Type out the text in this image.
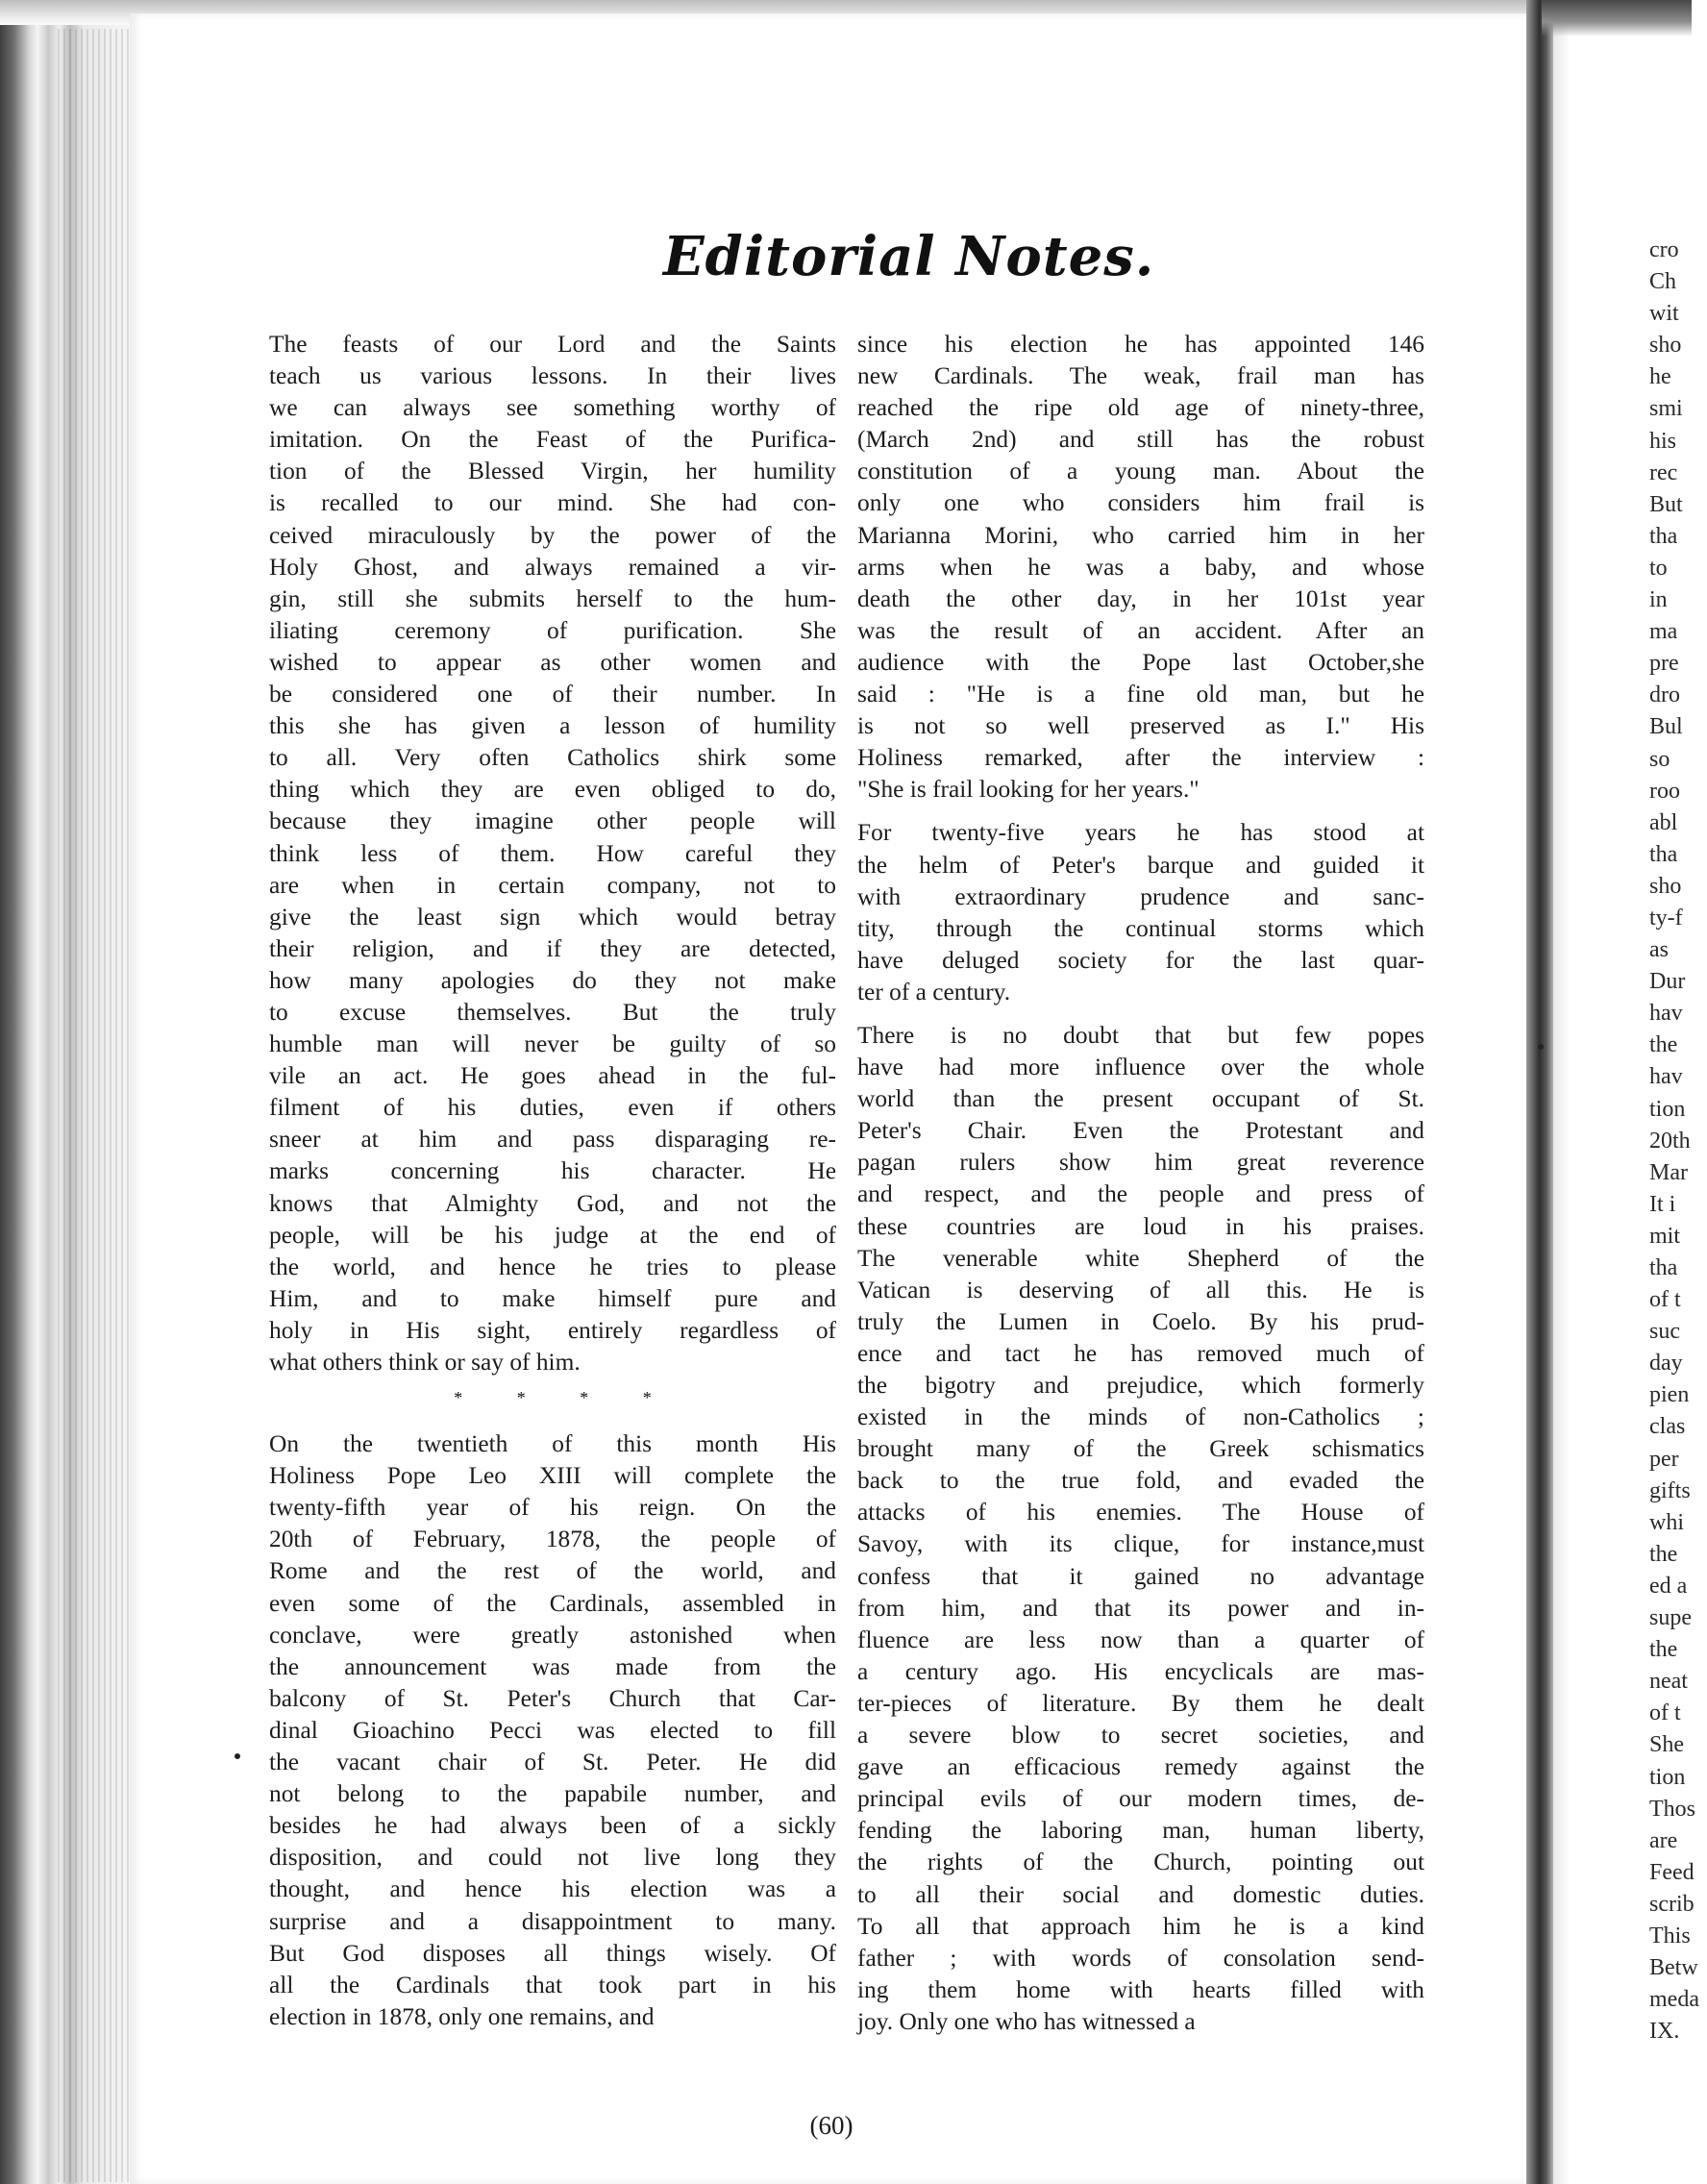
Editorial Notes.
The feasts of our Lord and the Saints
teach us various lessons. In their lives
we can always see something worthy of
imitation. On the Feast of the Purifica-
tion of the Blessed Virgin, her humility
is recalled to our mind. She had con-
ceived miraculously by the power of the
Holy Ghost, and always remained a vir-
gin, still she submits herself to the hum-
iliating ceremony of purification. She
wished to appear as other women and
be considered one of their number. In
this she has given a lesson of humility
to all. Very often Catholics shirk some
thing which they are even obliged to do,
because they imagine other people will
think less of them. How careful they
are when in certain company, not to
give the least sign which would betray
their religion, and if they are detected,
how many apologies do they not make
to excuse themselves. But the truly
humble man will never be guilty of so
vile an act. He goes ahead in the ful-
filment of his duties, even if others
sneer at him and pass disparaging re-
marks concerning his character. He
knows that Almighty God, and not the
people, will be his judge at the end of
the world, and hence he tries to please
Him, and to make himself pure and
holy in His sight, entirely regardless of
what others think or say of him.
* * * *
On the twentieth of this month His
Holiness Pope Leo XIII will complete the
twenty-fifth year of his reign. On the
20th of February, 1878, the people of
Rome and the rest of the world, and
even some of the Cardinals, assembled in
conclave, were greatly astonished when
the announcement was made from the
balcony of St. Peter's Church that Car-
dinal Gioachino Pecci was elected to fill
the vacant chair of St. Peter. He did
not belong to the papabile number, and
besides he had always been of a sickly
disposition, and could not live long they
thought, and hence his election was a
surprise and a disappointment to many.
But God disposes all things wisely. Of
all the Cardinals that took part in his
election in 1878, only one remains, and
since his election he has appointed 146
new Cardinals. The weak, frail man has
reached the ripe old age of ninety-three,
(March 2nd) and still has the robust
constitution of a young man. About the
only one who considers him frail is
Marianna Morini, who carried him in her
arms when he was a baby, and whose
death the other day, in her 101st year
was the result of an accident. After an
audience with the Pope last October,she
said : "He is a fine old man, but he
is not so well preserved as I." His
Holiness remarked, after the interview :
"She is frail looking for her years."
For twenty-five years he has stood at
the helm of Peter's barque and guided it
with extraordinary prudence and sanc-
tity, through the continual storms which
have deluged society for the last quar-
ter of a century.
There is no doubt that but few popes
have had more influence over the whole
world than the present occupant of St.
Peter's Chair. Even the Protestant and
pagan rulers show him great reverence
and respect, and the people and press of
these countries are loud in his praises.
The venerable white Shepherd of the
Vatican is deserving of all this. He is
truly the Lumen in Coelo. By his prud-
ence and tact he has removed much of
the bigotry and prejudice, which formerly
existed in the minds of non-Catholics ;
brought many of the Greek schismatics
back to the true fold, and evaded the
attacks of his enemies. The House of
Savoy, with its clique, for instance,must
confess that it gained no advantage
from him, and that its power and in-
fluence are less now than a quarter of
a century ago. His encyclicals are mas-
ter-pieces of literature. By them he dealt
a severe blow to secret societies, and
gave an efficacious remedy against the
principal evils of our modern times, de-
fending the laboring man, human liberty,
the rights of the Church, pointing out
to all their social and domestic duties.
To all that approach him he is a kind
father ; with words of consolation send-
ing them home with hearts filled with
joy. Only one who has witnessed a
(60)
cro
Ch
wit
sho
he
smi
his
rec
But
tha
to
in
ma
pre
dro
Bul
so
roo
abl
tha
sho
ty-f
as
Dur
hav
the
hav
tion
20th
Mar
It i
mit
tha
of t
suc
day
pien
clas
per
gifts
whi
the
ed a
supe
the
neat
of t
She
tion
Thos
are
Feed
scrib
This
Betw
meda
IX.
